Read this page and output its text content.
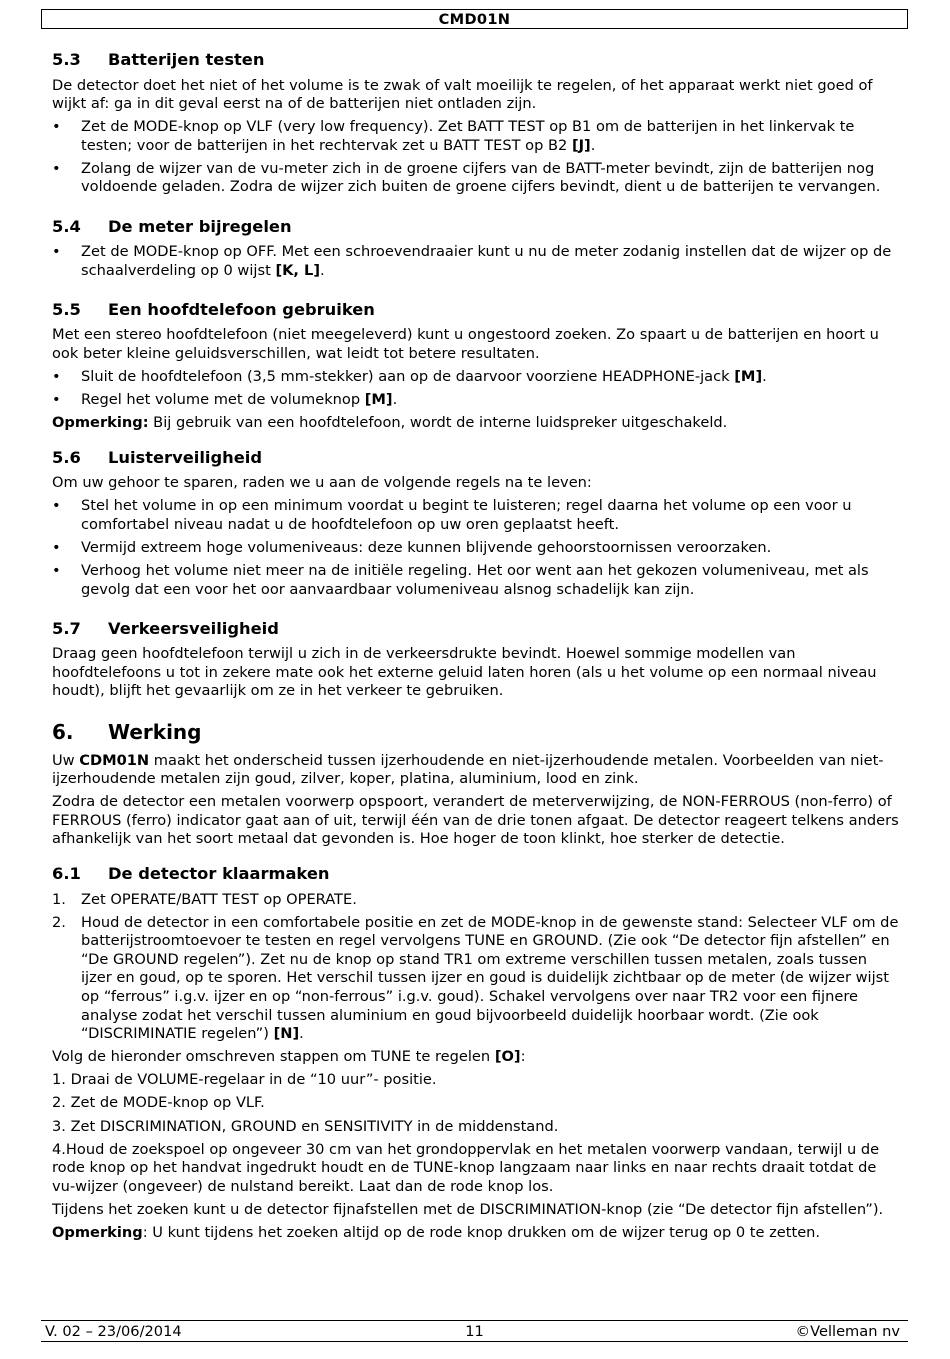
CMD01N
5.3 Batterijen testen

De detector doet het niet of het volume is te zwak of valt moeilijk te regelen, of het apparaat werkt niet goed of wijkt af: ga in dit geval eerst na of de batterijen niet ontladen zijn.

• Zet de MODE-knop op VLF (very low frequency). Zet BATT TEST op B1 om de batterijen in het linkervak te testen; voor de batterijen in het rechtervak zet u BATT TEST op B2 [J].
• Zolang de wijzer van de vu-meter zich in de groene cijfers van de BATT-meter bevindt, zijn de batterijen nog voldoende geladen. Zodra de wijzer zich buiten de groene cijfers bevindt, dient u de batterijen te vervangen.
5.4 De meter bijregelen
• Zet de MODE-knop op OFF. Met een schroevendraaier kunt u nu de meter zodanig instellen dat de wijzer op de schaalverdeling op 0 wijst [K, L].
5.5 Een hoofdtelefoon gebruiken

Met een stereo hoofdtelefoon (niet meegeleverd) kunt u ongestoord zoeken. Zo spaart u de batterijen en hoort u ook beter kleine geluidsverschillen, wat leidt tot betere resultaten.

• Sluit de hoofdtelefoon (3,5 mm-stekker) aan op de daarvoor voorziene HEADPHONE-jack [M].
• Regel het volume met de volumeknop [M].

Opmerking: Bij gebruik van een hoofdtelefoon, wordt de interne luidspreker uitgeschakeld.

5.6 Luisterveiligheid

Om uw gehoor te sparen, raden we u aan de volgende regels na te leven:

• Stel het volume in op een minimum voordat u begint te luisteren; regel daarna het volume op een voor u comfortabel niveau nadat u de hoofdtelefoon op uw oren geplaatst heeft.
• Vermijd extreem hoge volumeniveaus: deze kunnen blijvende gehoorstoornissen veroorzaken.
• Verhoog het volume niet meer na de initiële regeling. Het oor went aan het gekozen volumeniveau, met als gevolg dat een voor het oor aanvaardbaar volumeniveau alsnog schadelijk kan zijn.
5.7 Verkeersveiligheid

Draag geen hoofdtelefoon terwijl u zich in de verkeersdrukte bevindt. Hoewel sommige modellen van hoofdtelefoons u tot in zekere mate ook het externe geluid laten horen (als u het volume op een normaal niveau houdt), blijft het gevaarlijk om ze in het verkeer te gebruiken.

6. Werking

Uw CDM01N maakt het onderscheid tussen ijzerhoudende en niet-ijzerhoudende metalen. Voorbeelden van niet-ijzerhoudende metalen zijn goud, zilver, koper, platina, aluminium, lood en zink.

Zodra de detector een metalen voorwerp opspoort, verandert de meterverwijzing, de NON-FERROUS (non-ferro) of FERROUS (ferro) indicator gaat aan of uit, terwijl één van de drie tonen afgaat. De detector reageert telkens anders afhankelijk van het soort metaal dat gevonden is. Hoe hoger de toon klinkt, hoe sterker de detectie.

6.1 De detector klaarmaken
1. Zet OPERATE/BATT TEST op OPERATE.
2. Houd de detector in een comfortabele positie en zet de MODE-knop in de gewenste stand: Selecteer VLF om de batterijstroomtoevoer te testen en regel vervolgens TUNE en GROUND. (Zie ook “De detector fijn afstellen” en “De GROUND regelen”). Zet nu de knop op stand TR1 om extreme verschillen tussen metalen, zoals tussen ijzer en goud, op te sporen. Het verschil tussen ijzer en goud is duidelijk zichtbaar op de meter (de wijzer wijst op “ferrous” i.g.v. ijzer en op “non-ferrous” i.g.v. goud). Schakel vervolgens over naar TR2 voor een fijnere analyse zodat het verschil tussen aluminium en goud bijvoorbeeld duidelijk hoorbaar wordt. (Zie ook “DISCRIMINATIE regelen”) [N].

Volg de hieronder omschreven stappen om TUNE te regelen [O]:

1. Draai de VOLUME-regelaar in de “10 uur”- positie.

2. Zet de MODE-knop op VLF.

3. Zet DISCRIMINATION, GROUND en SENSITIVITY in de middenstand.

4.Houd de zoekspoel op ongeveer 30 cm van het grondoppervlak en het metalen voorwerp vandaan, terwijl u de rode knop op het handvat ingedrukt houdt en de TUNE-knop langzaam naar links en naar rechts draait totdat de vu-wijzer (ongeveer) de nulstand bereikt. Laat dan de rode knop los.

Tijdens het zoeken kunt u de detector fijnafstellen met de DISCRIMINATION-knop (zie “De detector fijn afstellen”).

Opmerking: U kunt tijdens het zoeken altijd op de rode knop drukken om de wijzer terug op 0 te zetten.

V. 02 – 23/06/2014	11	©Velleman nv
